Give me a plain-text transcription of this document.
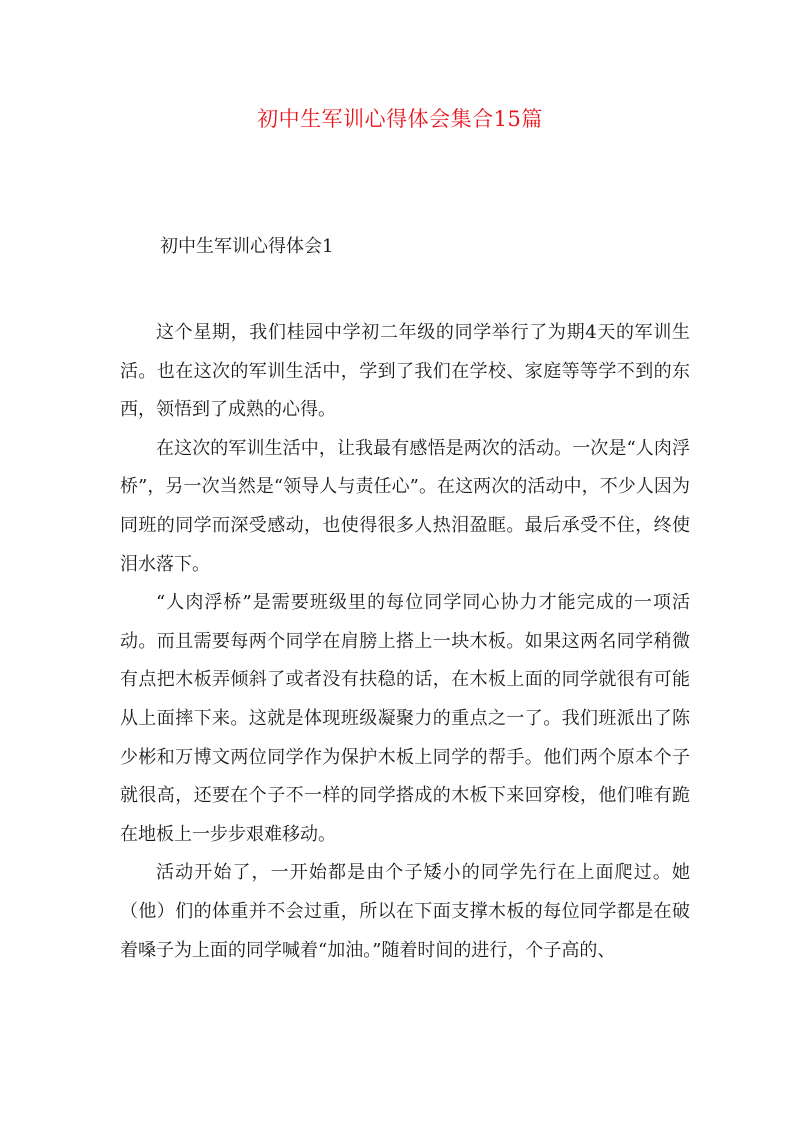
初中生军训心得体会集合15篇
初中生军训心得体会1

这个星期，我们桂园中学初二年级的同学举行了为期4天的军训生活。也在这次的军训生活中，学到了我们在学校、家庭等等学不到的东西，领悟到了成熟的心得。

在这次的军训生活中，让我最有感悟是两次的活动。一次是“人肉浮桥”，另一次当然是“领导人与责任心”。在这两次的活动中，不少人因为同班的同学而深受感动，也使得很多人热泪盈眶。最后承受不住，终使泪水落下。

“人肉浮桥”是需要班级里的每位同学同心协力才能完成的一项活动。而且需要每两个同学在肩膀上搭上一块木板。如果这两名同学稍微有点把木板弄倾斜了或者没有扶稳的话，在木板上面的同学就很有可能从上面摔下来。这就是体现班级凝聚力的重点之一了。我们班派出了陈少彬和万博文两位同学作为保护木板上同学的帮手。他们两个原本个子就很高，还要在个子不一样的同学搭成的木板下来回穿梭，他们唯有跪在地板上一步步艰难移动。

活动开始了，一开始都是由个子矮小的同学先行在上面爬过。她（他）们的体重并不会过重，所以在下面支撑木板的每位同学都是在破着嗓子为上面的同学喊着“加油。”随着时间的进行，个子高的、
